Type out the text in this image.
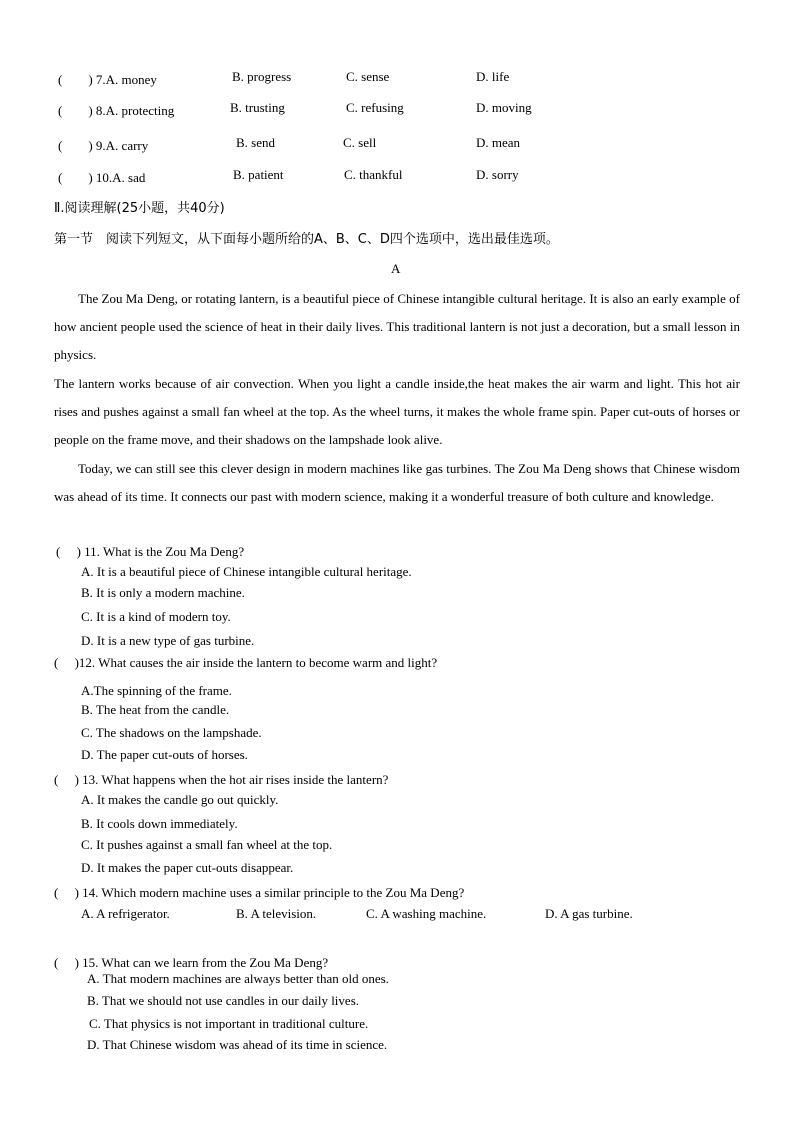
(　　) 7.A. money	B. progress	C. sense	D. life
(　　) 8.A. protecting	B. trusting	C. refusing	D. moving
(　　) 9.A. carry	B. send	C. sell	D. mean
(　　) 10.A. sad	B. patient	C. thankful	D. sorry
Ⅱ.阅读理解(25小题，共40分)
第一节　阅读下列短文，从下面每小题所给的A、B、C、D四个选项中，选出最佳选项。
A
The Zou Ma Deng, or rotating lantern, is a beautiful piece of Chinese intangible cultural heritage. It is also an early example of how ancient people used the science of heat in their daily lives. This traditional lantern is not just a decoration, but a small lesson in physics.
The lantern works because of air convection. When you light a candle inside,the heat makes the air warm and light. This hot air rises and pushes against a small fan wheel at the top. As the wheel turns, it makes the whole frame spin. Paper cut-outs of horses or people on the frame move, and their shadows on the lampshade look alive.
Today, we can still see this clever design in modern machines like gas turbines. The Zou Ma Deng shows that Chinese wisdom was ahead of its time. It connects our past with modern science, making it a wonderful treasure of both culture and knowledge.
(　 ) 11. What is the Zou Ma Deng?
A. It is a beautiful piece of Chinese intangible cultural heritage.
B. It is only a modern machine.
C. It is a kind of modern toy.
D. It is a new type of gas turbine.
(　 )12. What causes the air inside the lantern to become warm and light?
A.The spinning of the frame.
B. The heat from the candle.
C. The shadows on the lampshade.
D. The paper cut-outs of horses.
(　 ) 13. What happens when the hot air rises inside the lantern?
A. It makes the candle go out quickly.
B. It cools down immediately.
C. It pushes against a small fan wheel at the top.
D. It makes the paper cut-outs disappear.
(　 ) 14. Which modern machine uses a similar principle to the Zou Ma Deng?
A. A refrigerator.	B. A television.	C. A washing machine.	D. A gas turbine.
(　 ) 15. What can we learn from the Zou Ma Deng?
A. That modern machines are always better than old ones.
B. That we should not use candles in our daily lives.
C. That physics is not important in traditional culture.
D. That Chinese wisdom was ahead of its time in science.
